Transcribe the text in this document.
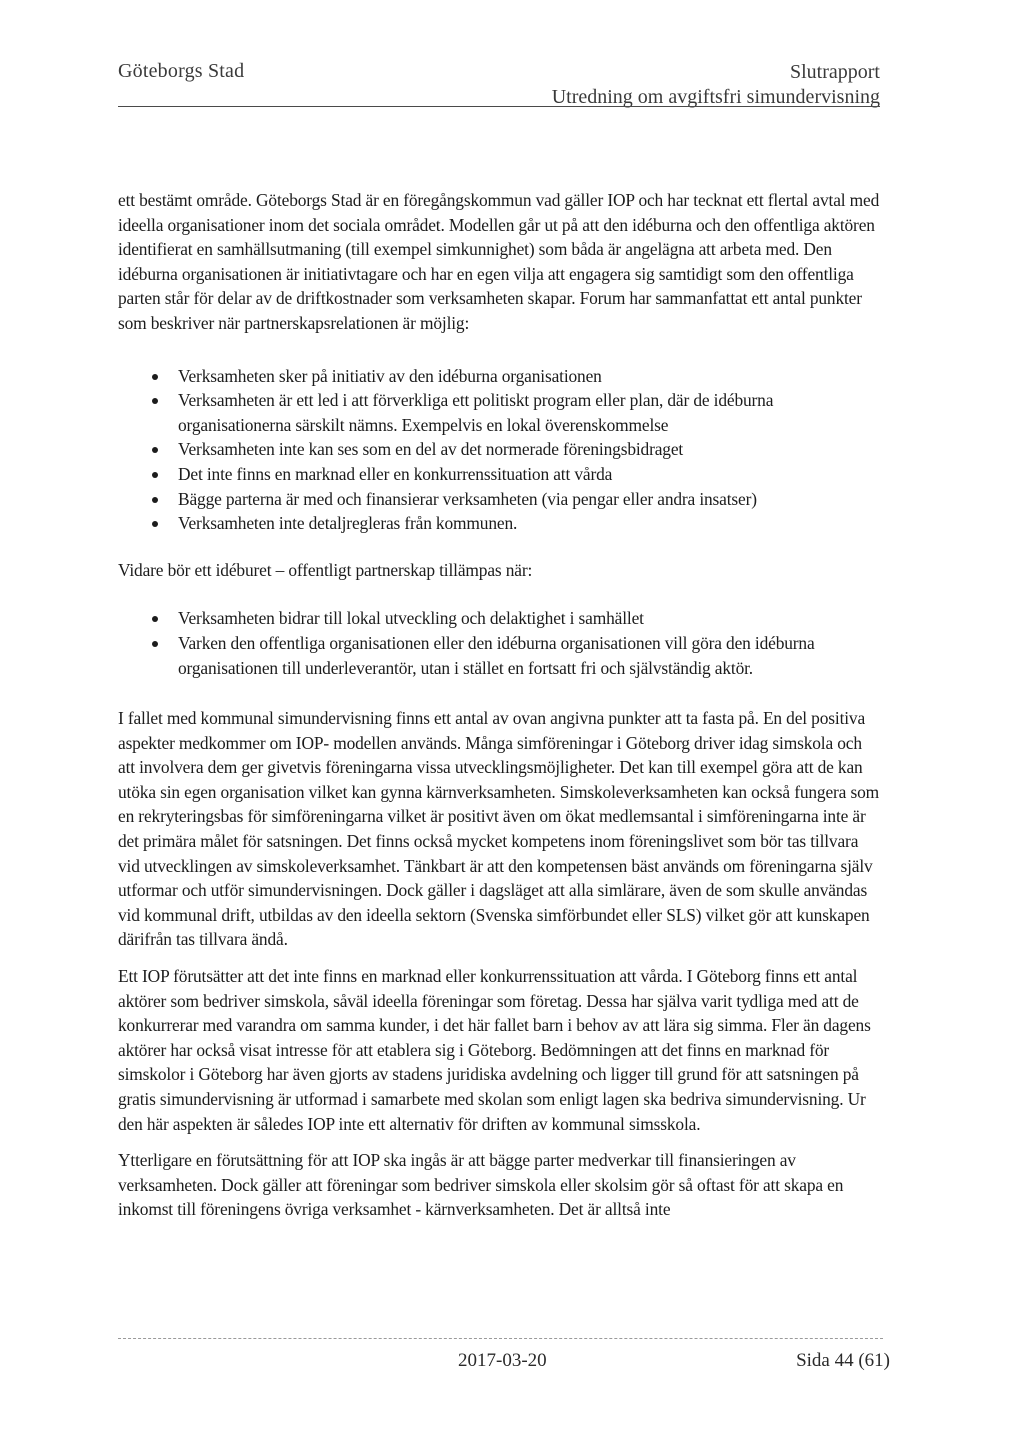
Göteborgs Stad	Slutrapport
Utredning om avgiftsfri simundervisning

ett bestämt område. Göteborgs Stad är en föregångskommun vad gäller IOP och har tecknat ett flertal avtal med ideella organisationer inom det sociala området. Modellen går ut på att den idéburna och den offentliga aktören identifierat en samhällsutmaning (till exempel simkunnighet) som båda är angelägna att arbeta med. Den idéburna organisationen är initiativtagare och har en egen vilja att engagera sig samtidigt som den offentliga parten står för delar av de driftkostnader som verksamheten skapar. Forum har sammanfattat ett antal punkter som beskriver när partnerskapsrelationen är möjlig:

Verksamheten sker på initiativ av den idéburna organisationen
Verksamheten är ett led i att förverkliga ett politiskt program eller plan, där de idéburna organisationerna särskilt nämns. Exempelvis en lokal överenskommelse
Verksamheten inte kan ses som en del av det normerade föreningsbidraget
Det inte finns en marknad eller en konkurrenssituation att vårda
Bägge parterna är med och finansierar verksamheten (via pengar eller andra insatser)
Verksamheten inte detaljregleras från kommunen.

Vidare bör ett idéburet – offentligt partnerskap tillämpas när:

Verksamheten bidrar till lokal utveckling och delaktighet i samhället
Varken den offentliga organisationen eller den idéburna organisationen vill göra den idéburna organisationen till underleverantör, utan i stället en fortsatt fri och självständig aktör.

I fallet med kommunal simundervisning finns ett antal av ovan angivna punkter att ta fasta på. En del positiva aspekter medkommer om IOP- modellen används. Många simföreningar i Göteborg driver idag simskola och att involvera dem ger givetvis föreningarna vissa utvecklingsmöjligheter. Det kan till exempel göra att de kan utöka sin egen organisation vilket kan gynna kärnverksamheten. Simskoleverksamheten kan också fungera som en rekryteringsbas för simföreningarna vilket är positivt även om ökat medlemsantal i simföreningarna inte är det primära målet för satsningen. Det finns också mycket kompetens inom föreningslivet som bör tas tillvara vid utvecklingen av simskoleverksamhet. Tänkbart är att den kompetensen bäst används om föreningarna själv utformar och utför simundervisningen. Dock gäller i dagsläget att alla simlärare, även de som skulle användas vid kommunal drift, utbildas av den ideella sektorn (Svenska simförbundet eller SLS) vilket gör att kunskapen därifrån tas tillvara ändå.

Ett IOP förutsätter att det inte finns en marknad eller konkurrenssituation att vårda. I Göteborg finns ett antal aktörer som bedriver simskola, såväl ideella föreningar som företag. Dessa har själva varit tydliga med att de konkurrerar med varandra om samma kunder, i det här fallet barn i behov av att lära sig simma. Fler än dagens aktörer har också visat intresse för att etablera sig i Göteborg. Bedömningen att det finns en marknad för simskolor i Göteborg har även gjorts av stadens juridiska avdelning och ligger till grund för att satsningen på gratis simundervisning är utformad i samarbete med skolan som enligt lagen ska bedriva simundervisning. Ur den här aspekten är således IOP inte ett alternativ för driften av kommunal simsskola.

Ytterligare en förutsättning för att IOP ska ingås är att bägge parter medverkar till finansieringen av verksamheten. Dock gäller att föreningar som bedriver simskola eller skolsim gör så oftast för att skapa en inkomst till föreningens övriga verksamhet - kärnverksamheten. Det är alltså inte

2017-03-20	Sida 44 (61)
